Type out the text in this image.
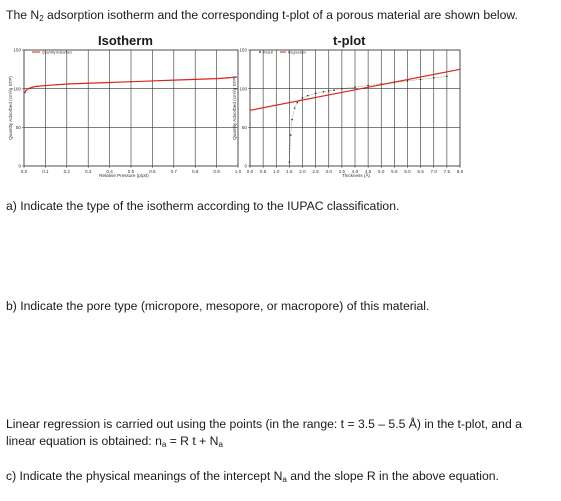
The $N_2$ adsorption isotherm and the corresponding t-plot of a porous material are shown below.
Isotherm	t-plot
150
100
50
0
0.0	0.1	0.2	0.3	0.4	0.5	0.6	0.7	0.8	0.9	1.0
Quantity Adsorbed
Relative Pressure (p/p0)
Quantity Adsorbed (cm³/g STP)
150
100
50
0
0.0 0.5 1.0 1.5 2.0 2.5 3.0 3.5 4.0 4.5 5.0 5.5 6.0 6.5 7.0 7.5 8.0
Result	Regression
Thickness (Å)
Quantity Adsorbed (cm³/g STP)
a) Indicate the type of the isotherm according to the IUPAC classification.
b) Indicate the pore type (micropore, mesopore, or macropore) of this material.
Linear regression is carried out using the points (in the range: t = 3.5 – 5.5 Å) in the t-plot, and a
linear equation is obtained: $n_a = R$ $t + N_a$
c) Indicate the physical meanings of the intercept $N_a$ and the slope R in the above equation.
